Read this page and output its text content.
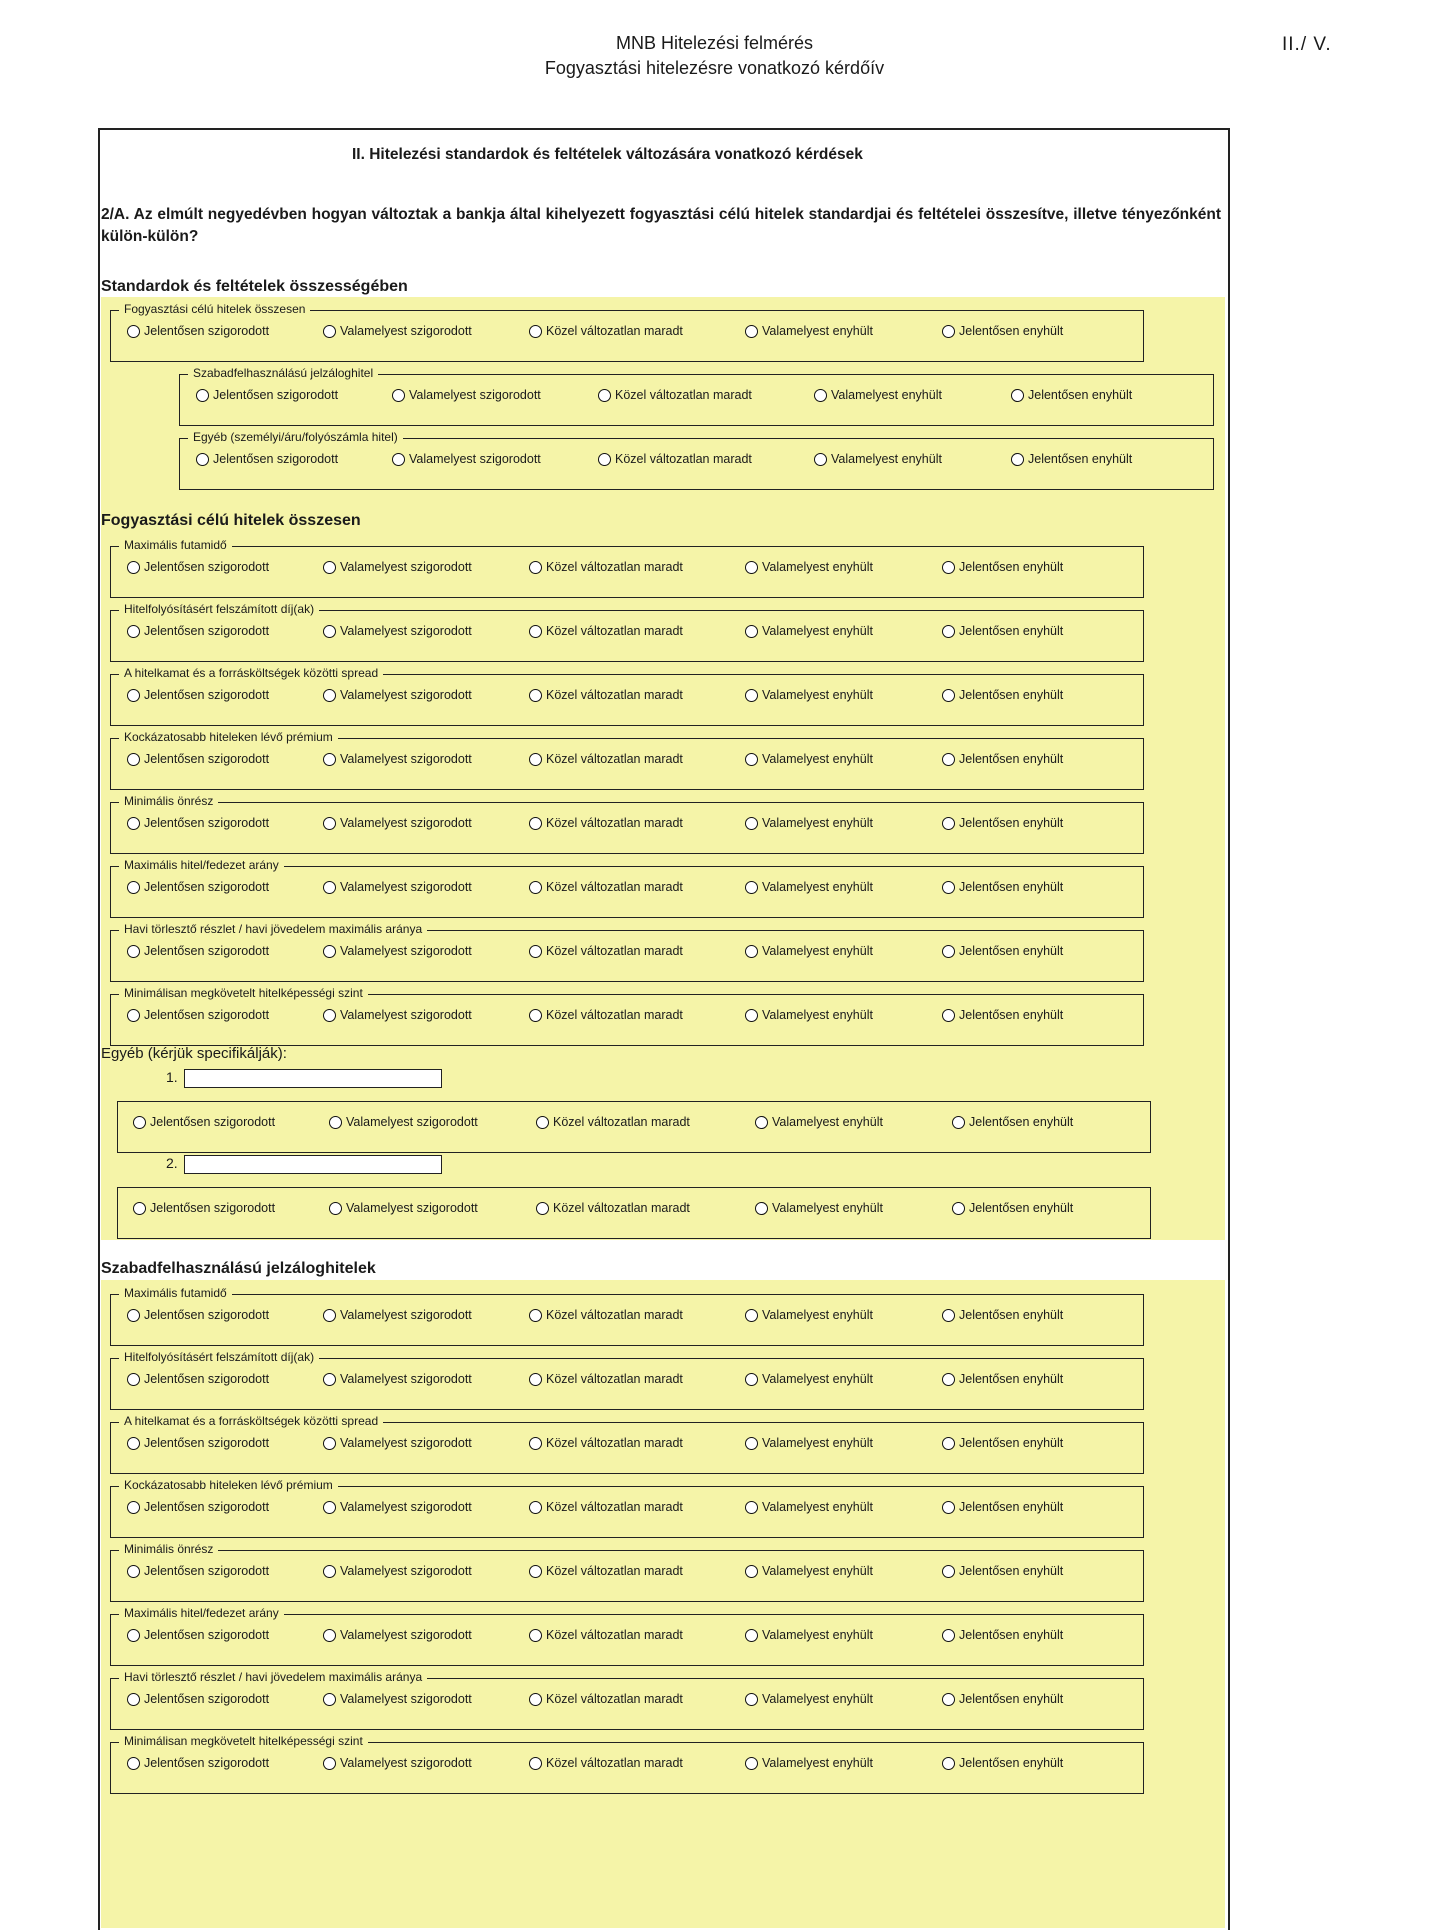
MNB Hitelezési felmérés
Fogyasztási hitelezésre vonatkozó kérdőív
II./ V.
II. Hitelezési standardok és feltételek változására vonatkozó kérdések
2/A. Az elmúlt negyedévben hogyan változtak a bankja által kihelyezett fogyasztási célú hitelek standardjai és feltételei összesítve, illetve tényezőnként külön-külön?
Standardok és feltételek összességében
Fogyasztási célú hitelek összesen
Szabadfelhasználású jelzáloghitelek
Egyéb (kérjük specifikálják):
1.
2.
Fogyasztási célú hitelek összesen
Jelentősen szigorodott	Valamelyest szigorodott	Közel változatlan maradt	Valamelyest enyhült	Jelentősen enyhült
Szabadfelhasználású jelzáloghitel
Jelentősen szigorodott	Valamelyest szigorodott	Közel változatlan maradt	Valamelyest enyhült	Jelentősen enyhült
Egyéb (személyi/áru/folyószámla hitel)
Jelentősen szigorodott	Valamelyest szigorodott	Közel változatlan maradt	Valamelyest enyhült	Jelentősen enyhült
Maximális futamidő
Jelentősen szigorodott	Valamelyest szigorodott	Közel változatlan maradt	Valamelyest enyhült	Jelentősen enyhült
Hitelfolyósításért felszámított díj(ak)
Jelentősen szigorodott	Valamelyest szigorodott	Közel változatlan maradt	Valamelyest enyhült	Jelentősen enyhült
A hitelkamat és a forrásköltségek közötti spread
Jelentősen szigorodott	Valamelyest szigorodott	Közel változatlan maradt	Valamelyest enyhült	Jelentősen enyhült
Kockázatosabb hiteleken lévő prémium
Jelentősen szigorodott	Valamelyest szigorodott	Közel változatlan maradt	Valamelyest enyhült	Jelentősen enyhült
Minimális önrész
Jelentősen szigorodott	Valamelyest szigorodott	Közel változatlan maradt	Valamelyest enyhült	Jelentősen enyhült
Maximális hitel/fedezet arány
Jelentősen szigorodott	Valamelyest szigorodott	Közel változatlan maradt	Valamelyest enyhült	Jelentősen enyhült
Havi törlesztő részlet / havi jövedelem maximális aránya
Jelentősen szigorodott	Valamelyest szigorodott	Közel változatlan maradt	Valamelyest enyhült	Jelentősen enyhült
Minimálisan megkövetelt hitelképességi szint
Jelentősen szigorodott	Valamelyest szigorodott	Közel változatlan maradt	Valamelyest enyhült	Jelentősen enyhült
Jelentősen szigorodott	Valamelyest szigorodott	Közel változatlan maradt	Valamelyest enyhült	Jelentősen enyhült
Jelentősen szigorodott	Valamelyest szigorodott	Közel változatlan maradt	Valamelyest enyhült	Jelentősen enyhült
Maximális futamidő
Jelentősen szigorodott	Valamelyest szigorodott	Közel változatlan maradt	Valamelyest enyhült	Jelentősen enyhült
Hitelfolyósításért felszámított díj(ak)
Jelentősen szigorodott	Valamelyest szigorodott	Közel változatlan maradt	Valamelyest enyhült	Jelentősen enyhült
A hitelkamat és a forrásköltségek közötti spread
Jelentősen szigorodott	Valamelyest szigorodott	Közel változatlan maradt	Valamelyest enyhült	Jelentősen enyhült
Kockázatosabb hiteleken lévő prémium
Jelentősen szigorodott	Valamelyest szigorodott	Közel változatlan maradt	Valamelyest enyhült	Jelentősen enyhült
Minimális önrész
Jelentősen szigorodott	Valamelyest szigorodott	Közel változatlan maradt	Valamelyest enyhült	Jelentősen enyhült
Maximális hitel/fedezet arány
Jelentősen szigorodott	Valamelyest szigorodott	Közel változatlan maradt	Valamelyest enyhült	Jelentősen enyhült
Havi törlesztő részlet / havi jövedelem maximális aránya
Jelentősen szigorodott	Valamelyest szigorodott	Közel változatlan maradt	Valamelyest enyhült	Jelentősen enyhült
Minimálisan megkövetelt hitelképességi szint
Jelentősen szigorodott	Valamelyest szigorodott	Közel változatlan maradt	Valamelyest enyhült	Jelentősen enyhült
